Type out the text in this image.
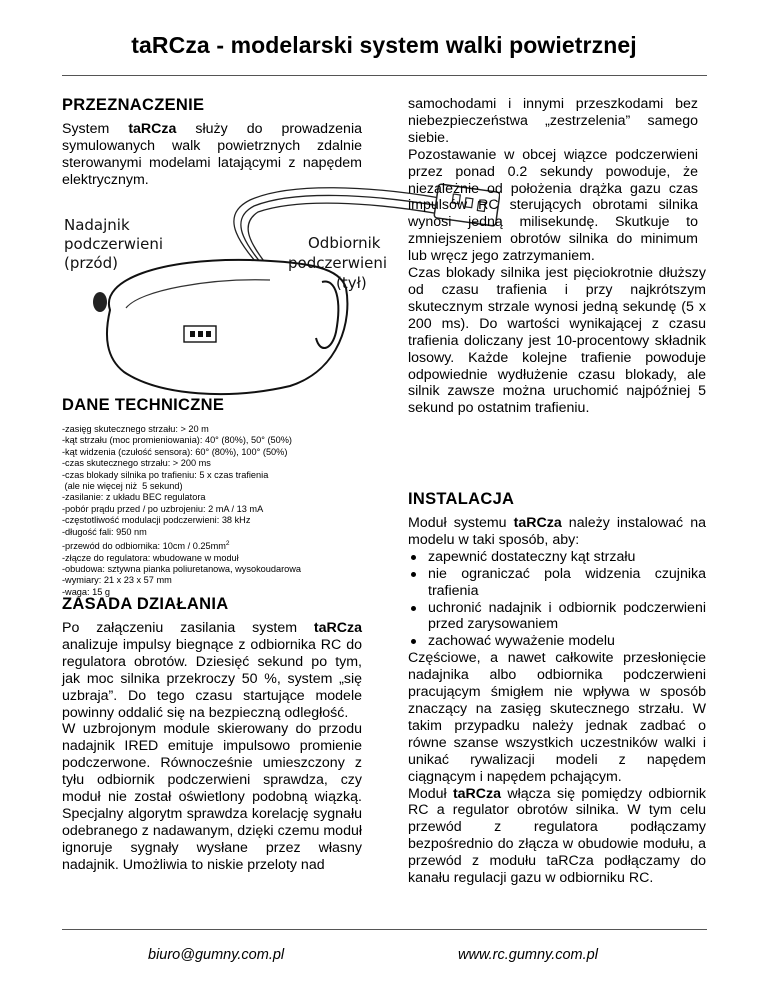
taRCza - modelarski system walki powietrznej
Nadajnik
podczerwieni
(przód)
Odbiornik
podczerwieni
(tył)
PRZEZNACZENIE

System taRCza służy do prowadzenia symulowanych walk powietrznych zdalnie sterowanymi modelami latającymi z napędem elektrycznym.

DANE TECHNICZNE
-zasięg skutecznego strzału: > 20 m
-kąt strzału (moc promieniowania): 40° (80%), 50° (50%)
-kąt widzenia (czułość sensora): 60° (80%), 100° (50%)
-czas skutecznego strzału: > 200 ms
-czas blokady silnika po trafieniu: 5 x czas trafienia
(ale nie więcej niż  5 sekund)
-zasilanie: z układu BEC regulatora
-pobór prądu przed / po uzbrojeniu: 2 mA / 13 mA
-częstotliwość modulacji podczerwieni: 38 kHz
-długość fali: 950 nm
-przewód do odbiornika: $10cm / 0.25mm^2$
-złącze do regulatora: wbudowane w moduł
-obudowa: sztywna pianka poliuretanowa, wysokoudarowa
-wymiary: 21 x 23 x 57 mm
-waga: 15 g
ZASADA DZIAŁANIA

Po załączeniu zasilania system taRCza analizuje impulsy biegnące z odbiornika RC do regulatora obrotów. Dziesięć sekund po tym, jak moc silnika przekroczy 50 %, system „się uzbraja”. Do tego czasu startujące modele powinny oddalić się na bezpieczną odległość.

W uzbrojonym module skierowany do przodu nadajnik IRED emituje impulsowo promienie podczerwone. Równocześnie umieszczony z tyłu odbiornik podczerwieni sprawdza, czy moduł nie został oświetlony podobną wiązką. Specjalny algorytm sprawdza korelację sygnału odebranego z nadawanym, dzięki czemu moduł ignoruje sygnały wysłane przez własny nadajnik. Umożliwia to niskie przeloty nad

samochodami i innymi przeszkodami bez niebezpieczeństwa „zestrzelenia” samego siebie.

Pozostawanie w obcej wiązce podczerwieni przez ponad 0.2 sekundy powoduje, że niezależnie od położenia drążka gazu czas impulsów RC sterujących obrotami silnika wynosi jedną milisekundę. Skutkuje to zmniejszeniem obrotów silnika do minimum lub wręcz jego zatrzymaniem.

Czas blokady silnika jest pięciokrotnie dłuższy od czasu trafienia i przy najkrótszym skutecznym strzale wynosi jedną sekundę (5 x 200 ms). Do wartości wynikającej z czasu trafienia doliczany jest 10-procentowy składnik losowy. Każde kolejne trafienie powoduje odpowiednie wydłużenie czasu blokady, ale silnik zawsze można uruchomić najpóźniej 5 sekund po ostatnim trafieniu.

INSTALACJA

Moduł systemu taRCza należy instalować na modelu w taki sposób, aby:

zapewnić dostateczny kąt strzału
nie ograniczać pola widzenia czujnika trafienia
uchronić nadajnik i odbiornik podczerwieni przed zarysowaniem
zachować wyważenie modelu

Częściowe, a nawet całkowite przesłonięcie nadajnika albo odbiornika podczerwieni pracującym śmigłem nie wpływa w sposób znaczący na zasięg skutecznego strzału. W takim przypadku należy jednak zadbać o równe szanse wszystkich uczestników walki i unikać rywalizacji modeli z napędem ciągnącym i napędem pchającym.

Moduł taRCza włącza się pomiędzy odbiornik RC a regulator obrotów silnika. W tym celu przewód z regulatora podłączamy bezpośrednio do złącza w obudowie modułu, a przewód z modułu taRCza podłączamy do kanału regulacji gazu w odbiorniku RC.

biuro@gumny.com.pl	www.rc.gumny.com.pl
